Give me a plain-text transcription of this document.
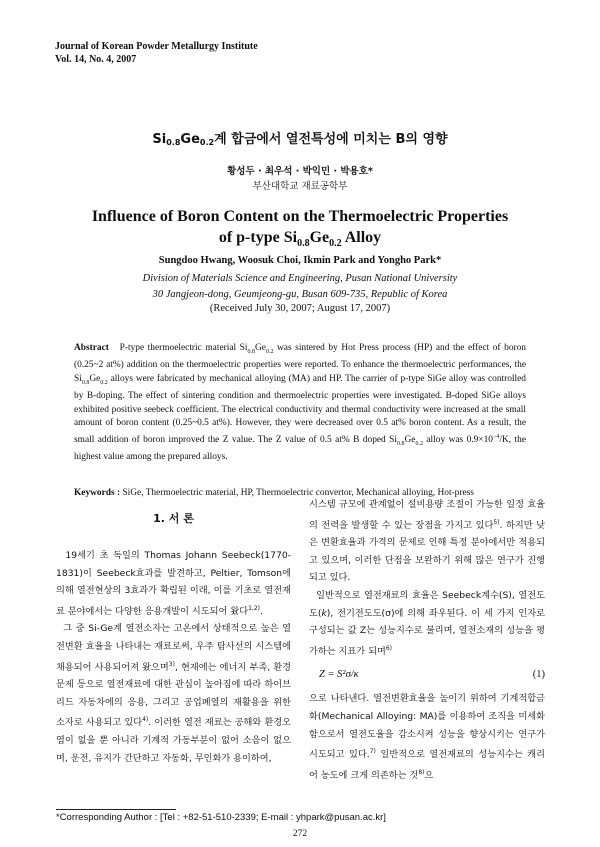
Journal of Korean Powder Metallurgy Institute
Vol. 14, No. 4, 2007
$Si_{0.8}Ge_{0.2}$계 합금에서 열전특성에 미치는 B의 영향
황성두 · 최우석 · 박익민 · 박용호*
부산대학교 재료공학부
Influence of Boron Content on the Thermoelectric Properties
of p-type $Si_{0.8}Ge_{0.2}$ Alloy
Sungdoo Hwang, Woosuk Choi, Ikmin Park and Yongho Park*
Division of Materials Science and Engineering, Pusan National University
30 Jangjeon-dong, Geumjeong-gu, Busan 609-735, Republic of Korea
(Received July 30, 2007; August 17, 2007)
Abstract P-type thermoelectric material $Si_{0.8}Ge_{0.2}$ was sintered by Hot Press process (HP) and the effect of boron (0.25~2 at%) addition on the thermoelectric properties were reported. To enhance the thermoelectric performances, the $Si_{0.8}Ge_{0.2}$ alloys were fabricated by mechanical alloying (MA) and HP. The carrier of p-type SiGe alloy was controlled by B-doping. The effect of sintering condition and thermoelectric properties were investigated. B-doped SiGe alloys exhibited positive seebeck coefficient. The electrical conductivity and thermal conductivity were increased at the small amount of boron content (0.25~0.5 at%). However, they were decreased over 0.5 at% boron content. As a result, the small addition of boron improved the Z value. The Z value of 0.5 at% B doped $Si_{0.8}Ge_{0.2}$ alloy was $0.9\times 10^{-4}/K$, the highest value among the prepared alloys.
Keywords : SiGe, Thermoelectric material, HP, Thermoelectric convertor, Mechanical alloying, Hot-press
1. 서 론

19세기 초 독일의 Thomas Johann Seebeck(1770-1831)이 Seebeck효과를 발견하고, Peltier, Tomson에 의해 열전현상의 3효과가 확립된 이래, 이를 기초로 열전재료 분야에서는 다양한 응용개발이 시도되어 왔다$^{1,2)}$.

그 중 Si-Ge계 열전소자는 고온에서 상태적으로 높은 열전변환 효율을 나타내는 재료로써, 우주 탐사선의 시스템에 채용되어 사용되어져 왔으며$^{3)}$, 현재에는 에너지 부족, 환경문제 등으로 열전재료에 대한 관심이 높아짐에 따라 하이브리드 자동차에의 응용, 그리고 공업폐열의 재활용을 위한 소자로 사용되고 있다$^{4)}$. 이러한 열전 재료는 공해와 환경오염이 없을 뿐 아니라 기계적 가동부분이 없어 소음이 없으며, 운전, 유지가 간단하고 자동화, 무인화가 용이하여,

시스템 규모에 관계없이 설비용량 조절이 가능한 일정 효율의 전력을 발생할 수 있는 장점을 가지고 있다$^{5)}$. 하지만 낮은 변환효율과 가격의 문제로 인해 특정 분야에서만 적용되고 있으며, 이러한 단점을 보완하기 위해 많은 연구가 진행되고 있다.

일반적으로 열전재료의 효율은 Seebeck계수(S), 열전도도(k), 전기전도도(σ)에 의해 좌우된다. 이 세 가지 인자로 구성되는 값 Z는 성능지수로 불리며, 열전소재의 성능을 평가하는 지표가 되며$^{6)}$

Z = S²σ/κ	(1)

으로 나타낸다. 열전변환효율을 높이기 위하여 기계적합금화(Mechanical Alloying: MA)를 이용하여 조직을 미세화 함으로서 열전도율을 감소시켜 성능을 향상시키는 연구가 시도되고 있다.$^{7)}$ 일반적으로 열전재료의 성능지수는 캐리어 농도에 크게 의존하는 것$^{8)}$으

*Corresponding Author : [Tel : +82-51-510-2339; E-mail : yhpark@pusan.ac.kr]
272
